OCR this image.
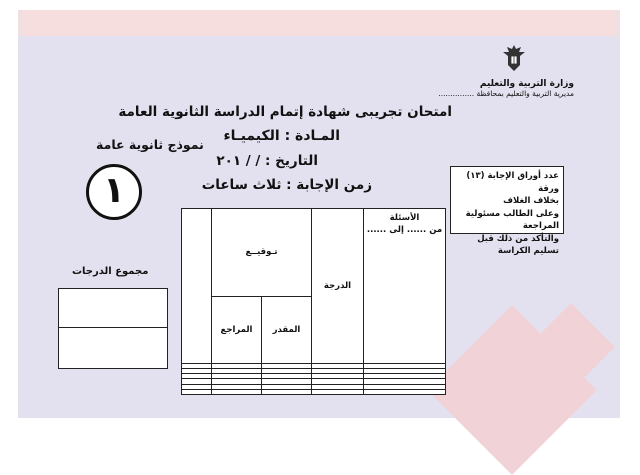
وزارة التربية والتعليم
مديرية التربية والتعليم بمحافظة ...............
امتحان تجريبى شهادة إتمام الدراسة الثانوية العامة
المـادة : الكيميـاء
التاريخ : / / ٢٠١
زمن الإجابة : ثلاث ساعات
نموذج ثانوية عامة
١	عدد أوراق الإجابة (١٣) ورقة
بخلاف الغلاف
وعلى الطالب مسئولية المراجعة
والتأكد من ذلك قبل تسليم الكراسة
الأسئلة
من ...... إلى ......	الدرجة	تـوقيــع		
		المقدر	المراجع	

مجموع الدرجات
